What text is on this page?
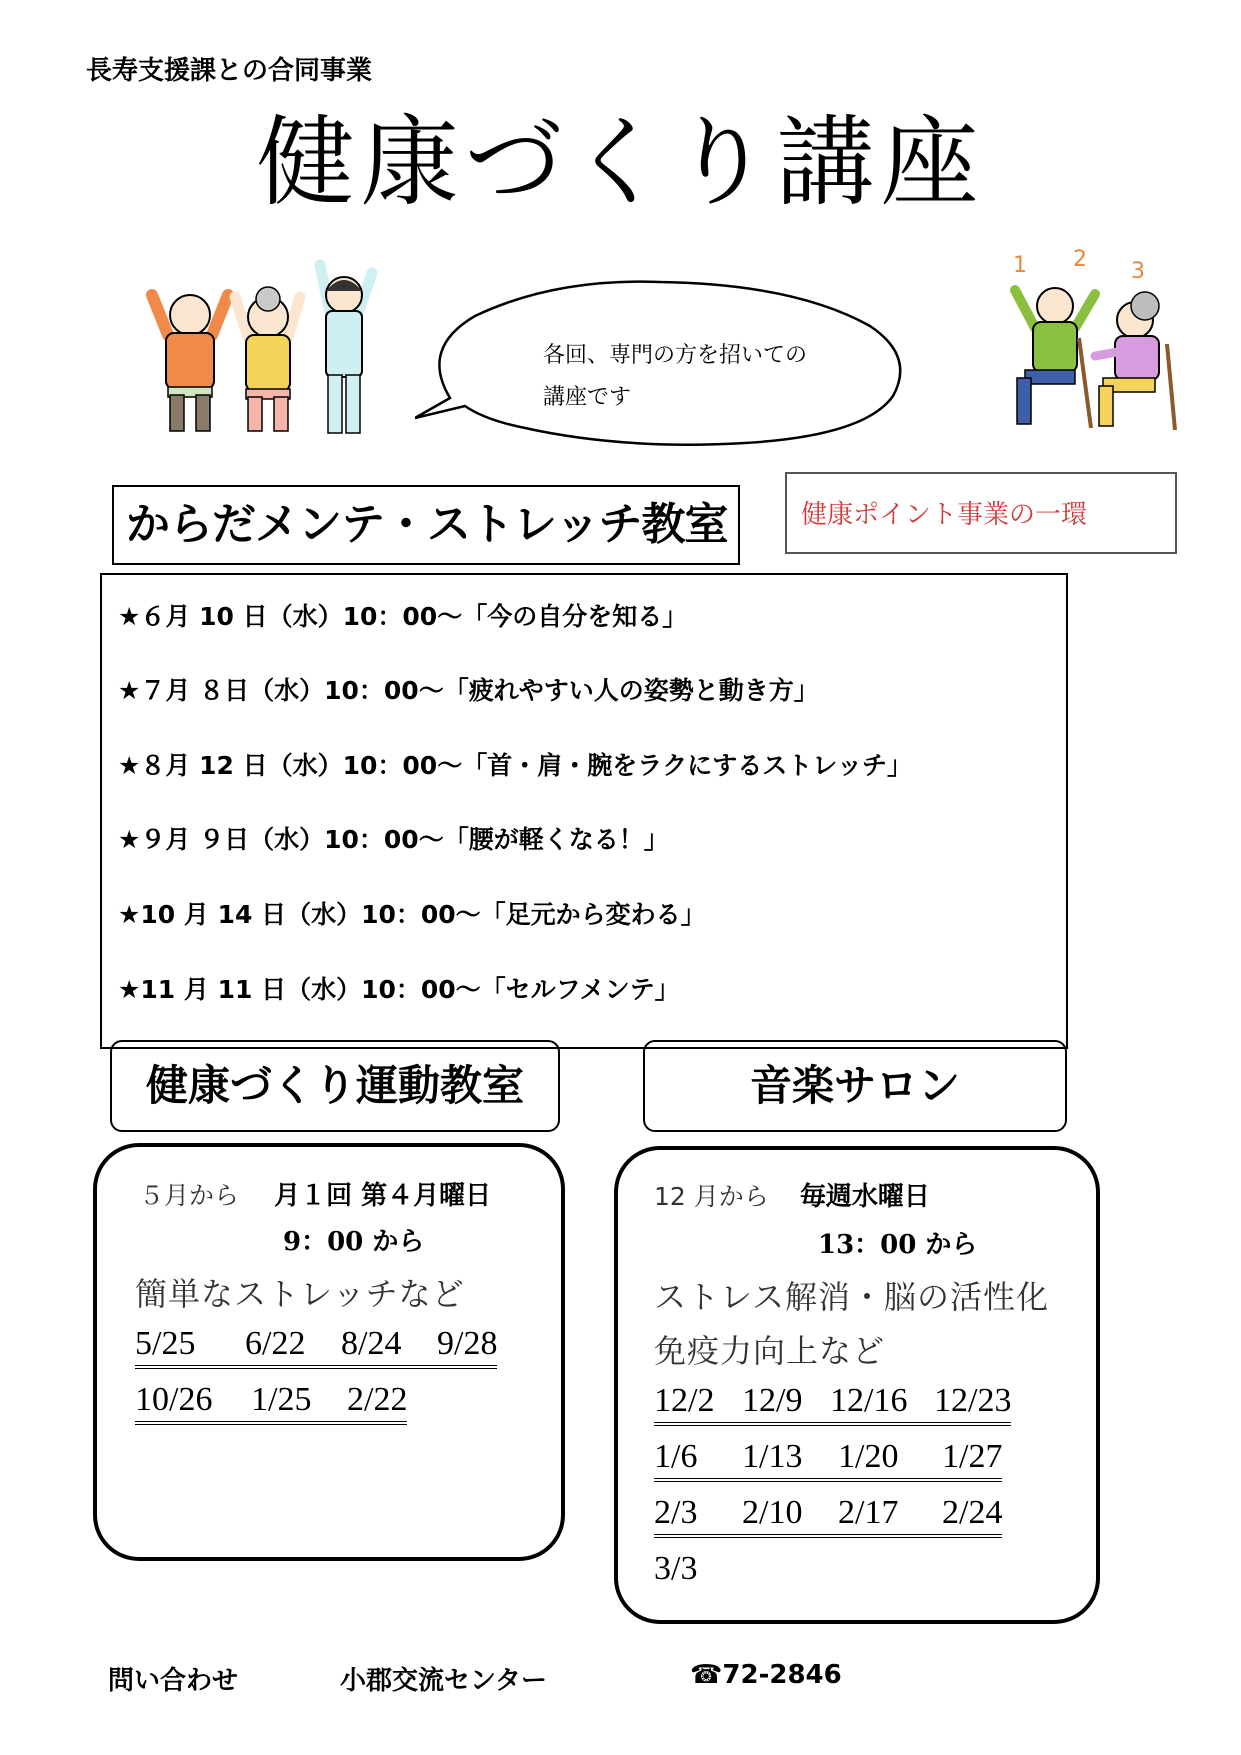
長寿支援課との合同事業
健康づくり講座
各回、専門の方を招いての
講座です
1 2 3
からだメンテ・ストレッチ教室	健康ポイント事業の一環
★６月 10 日（水）10：00～「今の自分を知る」
★７月 ８日（水）10：00～「疲れやすい人の姿勢と動き方」
★８月 12 日（水）10：00～「首・肩・腕をラクにするストレッチ」
★９月 ９日（水）10：00～「腰が軽くなる！」
★10 月 14 日（水）10：00～「足元から変わる」
★11 月 11 日（水）10：00～「セルフメンテ」
健康づくり運動教室	音楽サロン
５月から 月１回 第４月曜日
9：00 から
簡単なストレッチなど
5/25 6/22 8/24 9/28
10/26 1/25 2/22
12 月から 毎週水曜日
13：00 から
ストレス解消・脳の活性化
免疫力向上など
12/2 12/9 12/16 12/23
1/6 1/13 1/20 1/27
2/3 2/10 2/17 2/24
3/3
問い合わせ	小郡交流センター	☎72-2846
